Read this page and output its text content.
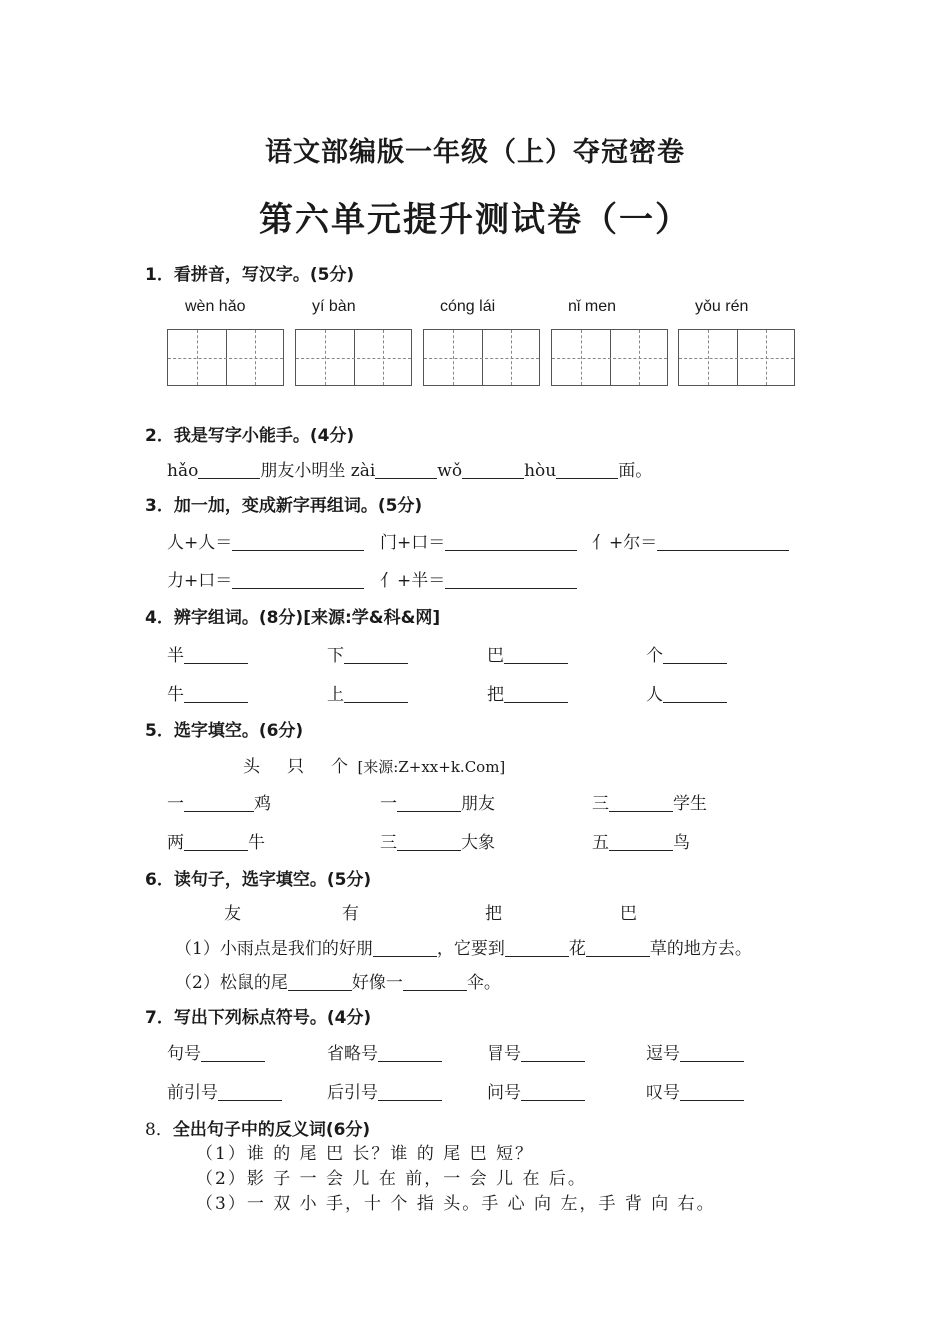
语文部编版一年级（上）夺冠密卷
第六单元提升测试卷（一）
1．看拼音，写汉字。(5分)
wèn hǎo	yí bàn	cóng lái	nǐ men	yǒu rén
2．我是写字小能手。(4分)
hǎo	朋友小明坐 zài	wǒ	hòu	面。
3．加一加，变成新字再组词。(5分)
人+人＝	门+口＝	亻+尔＝
力+口＝	亻+半＝
4．辨字组词。(8分)[来源:学&科&网]
半	下	巴	个
牛	上	把	人
5．选字填空。(6分)
头     只     个 [来源:Z+xx+k.Com]
一	鸡	一	朋友	三	学生
两	牛	三	大象	五	鸟
6．读句子，选字填空。(5分)
友	有	把	巴
（1）小雨点是我们的好朋	，它要到	花	草的地方去。
（2）松鼠的尾	好像一	伞。
7．写出下列标点符号。(4分)
句号	省略号	冒号	逗号
前引号	后引号	问号	叹号
8．全出句子中的反义词(6分)
（1）谁 的 尾 巴 长？谁 的 尾 巴 短？
（2）影 子 一 会 儿 在 前，一 会 儿 在 后。
（3）一 双 小 手，十 个 指 头。手 心 向 左，手 背 向 右。
